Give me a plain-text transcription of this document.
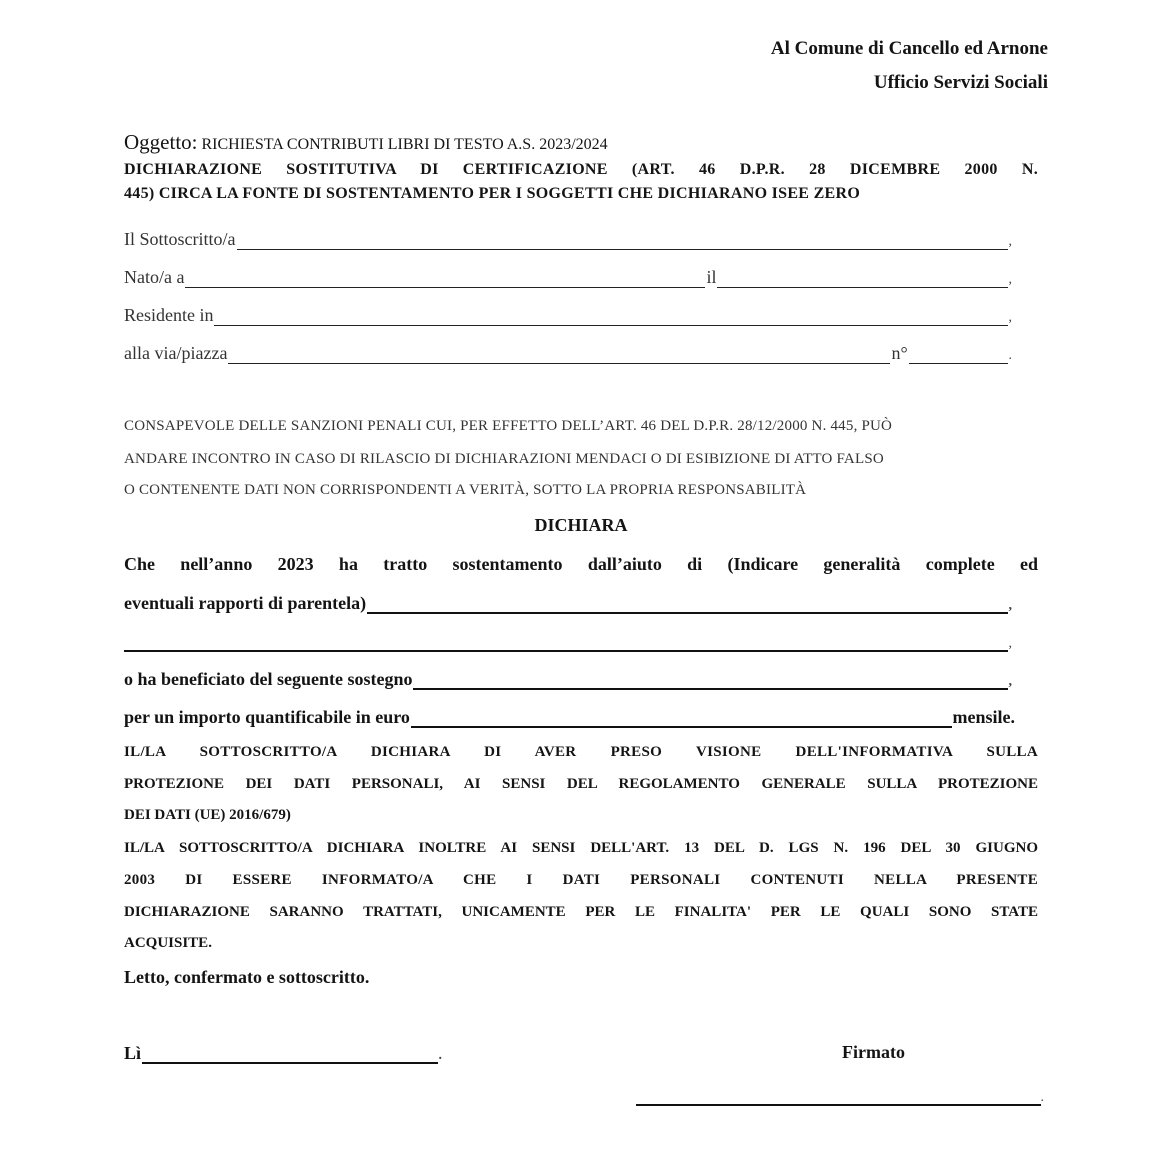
Al Comune di Cancello ed Arnone
Ufficio Servizi Sociali
Oggetto: RICHIESTA CONTRIBUTI LIBRI DI TESTO A.S. 2023/2024
DICHIARAZIONE SOSTITUTIVA DI CERTIFICAZIONE (ART. 46 D.P.R. 28 DICEMBRE 2000 N.
445) CIRCA LA FONTE DI SOSTENTAMENTO PER I SOGGETTI CHE DICHIARANO ISEE ZERO
Il Sottoscritto/a	,
Nato/a a	il	,
Residente in	,
alla via/piazza	n°	.
CONSAPEVOLE DELLE SANZIONI PENALI CUI, PER EFFETTO DELL’ART. 46 DEL D.P.R. 28/12/2000 N. 445, PUÒ
ANDARE INCONTRO IN CASO DI RILASCIO DI DICHIARAZIONI MENDACI O DI ESIBIZIONE DI ATTO FALSO
O CONTENENTE DATI NON CORRISPONDENTI A VERITÀ, SOTTO LA PROPRIA RESPONSABILITÀ
DICHIARA
Che nell’anno 2023 ha tratto sostentamento dall’aiuto di (Indicare generalità complete ed
eventuali rapporti di parentela)	,
,
o ha beneficiato del seguente sostegno	,
per un importo quantificabile in euro	mensile.
IL/LA SOTTOSCRITTO/A DICHIARA DI AVER PRESO VISIONE DELL'INFORMATIVA SULLA
PROTEZIONE DEI DATI PERSONALI, AI SENSI DEL REGOLAMENTO GENERALE SULLA PROTEZIONE
DEI DATI (UE) 2016/679)
IL/LA SOTTOSCRITTO/A DICHIARA INOLTRE AI SENSI DELL'ART. 13 DEL D. LGS N. 196 DEL 30 GIUGNO
2003 DI ESSERE INFORMATO/A CHE I DATI PERSONALI CONTENUTI NELLA PRESENTE
DICHIARAZIONE SARANNO TRATTATI, UNICAMENTE PER LE FINALITA' PER LE QUALI SONO STATE
ACQUISITE.
Letto, confermato e sottoscritto.
Lì	.	Firmato
.
